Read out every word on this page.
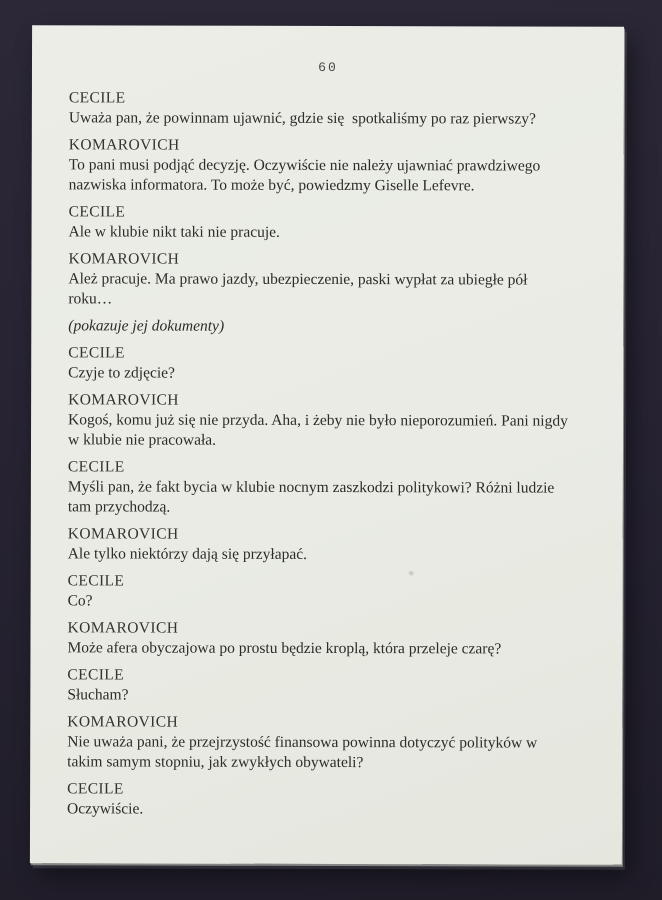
60
CECILE
Uważa pan, że powinnam ujawnić, gdzie się  spotkaliśmy po raz pierwszy?
KOMAROVICH
To pani musi podjąć decyzję. Oczywiście nie należy ujawniać prawdziwego
nazwiska informatora. To może być, powiedzmy Giselle Lefevre.
CECILE
Ale w klubie nikt taki nie pracuje.
KOMAROVICH
Ależ pracuje. Ma prawo jazdy, ubezpieczenie, paski wypłat za ubiegłe pół
roku…
(pokazuje jej dokumenty)
CECILE
Czyje to zdjęcie?
KOMAROVICH
Kogoś, komu już się nie przyda. Aha, i żeby nie było nieporozumień. Pani nigdy
w klubie nie pracowała.
CECILE
Myśli pan, że fakt bycia w klubie nocnym zaszkodzi politykowi? Różni ludzie
tam przychodzą.
KOMAROVICH
Ale tylko niektórzy dają się przyłapać.
CECILE
Co?
KOMAROVICH
Może afera obyczajowa po prostu będzie kroplą, która przeleje czarę?
CECILE
Słucham?
KOMAROVICH
Nie uważa pani, że przejrzystość finansowa powinna dotyczyć polityków w
takim samym stopniu, jak zwykłych obywateli?
CECILE
Oczywiście.
